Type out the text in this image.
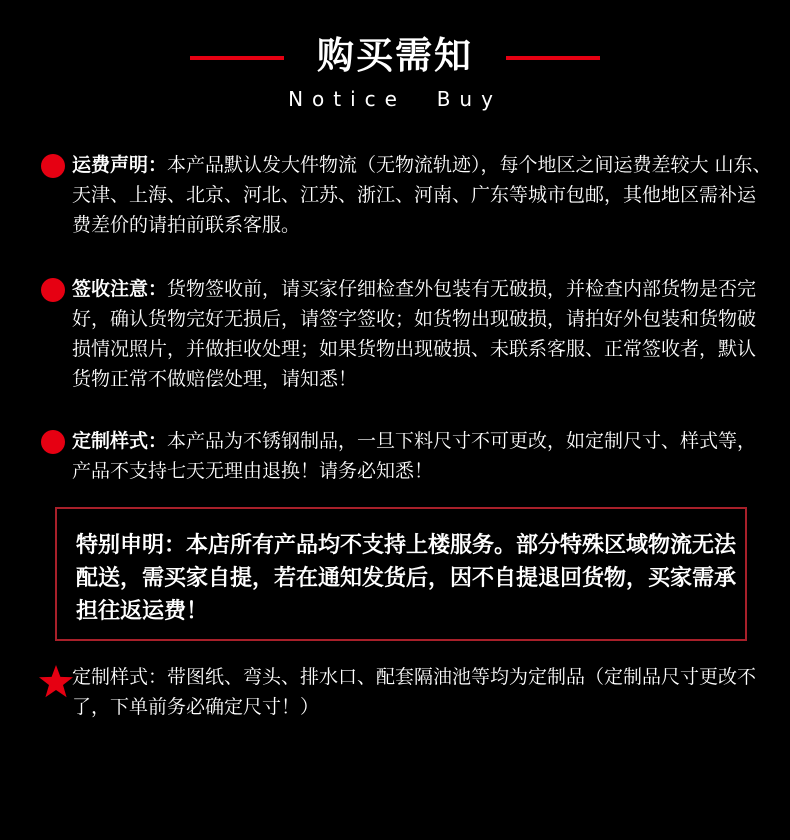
购买需知
Notice  Buy
运费声明：本产品默认发大件物流（无物流轨迹），每个地区之间运费差较大 山东、天津、上海、北京、河北、江苏、浙江、河南、广东等城市包邮，其他地区需补运费差价的请拍前联系客服。
签收注意：货物签收前，请买家仔细检查外包装有无破损，并检查内部货物是否完好，确认货物完好无损后，请签字签收；如货物出现破损，请拍好外包装和货物破损情况照片，并做拒收处理；如果货物出现破损、未联系客服、正常签收者，默认货物正常不做赔偿处理，请知悉！
定制样式：本产品为不锈钢制品，一旦下料尺寸不可更改，如定制尺寸、样式等，产品不支持七天无理由退换！请务必知悉！
特别申明：本店所有产品均不支持上楼服务。部分特殊区域物流无法配送，需买家自提，若在通知发货后，因不自提退回货物，买家需承担往返运费！
定制样式：带图纸、弯头、排水口、配套隔油池等均为定制品（定制品尺寸更改不了，下单前务必确定尺寸！）
